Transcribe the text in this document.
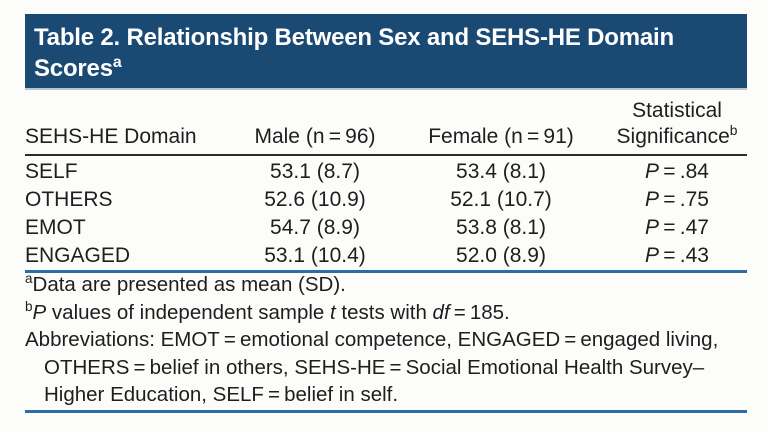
Table 2. Relationship Between Sex and SEHS-HE Domain
Scores$^a$
SEHS-HE Domain	Male (n = 96)	Female (n = 91)	Statistical
Significance$^b$

SELF	53.1 (8.7)	53.4 (8.1)	P = .84
OTHERS	52.6 (10.9)	52.1 (10.7)	P = .75
EMOT	54.7 (8.9)	53.8 (8.1)	P = .47
ENGAGED	53.1 (10.4)	52.0 (8.9)	P = .43
$^a$Data are presented as mean (SD).
$^b$P values of independent sample t tests with df = 185.
Abbreviations: EMOT = emotional competence, ENGAGED = engaged living,
OTHERS = belief in others, SEHS-HE = Social Emotional Health Survey–
Higher Education, SELF = belief in self.
